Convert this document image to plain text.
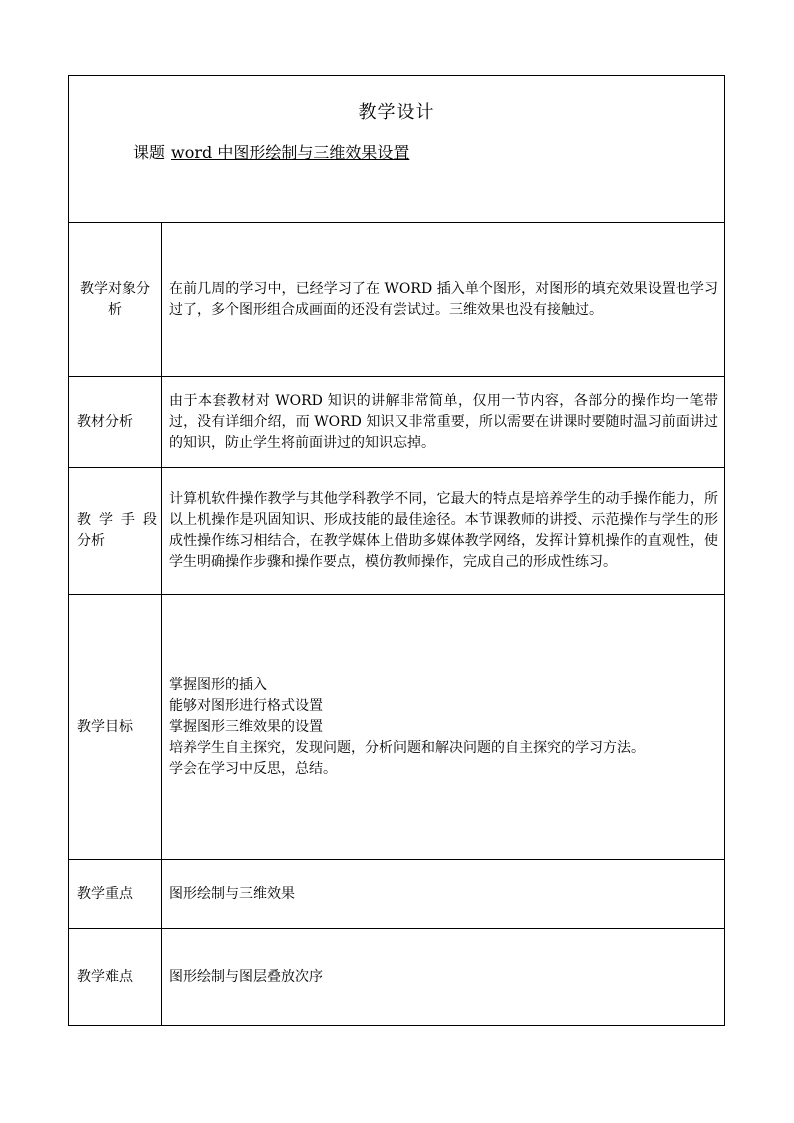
教学设计
课题 word 中图形绘制与三维效果设置	

教学对象分析	在前几周的学习中，已经学习了在 WORD 插入单个图形，对图形的填充效果设置也学习过了，多个图形组合成画面的还没有尝试过。三维效果也没有接触过。
教材分析	由于本套教材对 WORD 知识的讲解非常简单，仅用一节内容，各部分的操作均一笔带过，没有详细介绍，而 WORD 知识又非常重要，所以需要在讲课时要随时温习前面讲过的知识，防止学生将前面讲过的知识忘掉。

教 学 手 段分析	计算机软件操作教学与其他学科教学不同，它最大的特点是培养学生的动手操作能力，所以上机操作是巩固知识、形成技能的最佳途径。本节课教师的讲授、示范操作与学生的形成性操作练习相结合，在教学媒体上借助多媒体教学网络，发挥计算机操作的直观性，使学生明确操作步骤和操作要点，模仿教师操作，完成自己的形成性练习。
教学目标	掌握图形的插入
能够对图形进行格式设置
掌握图形三维效果的设置
培养学生自主探究，发现问题，分析问题和解决问题的自主探究的学习方法。
学会在学习中反思，总结。

教学重点	图形绘制与三维效果
教学难点	图形绘制与图层叠放次序
